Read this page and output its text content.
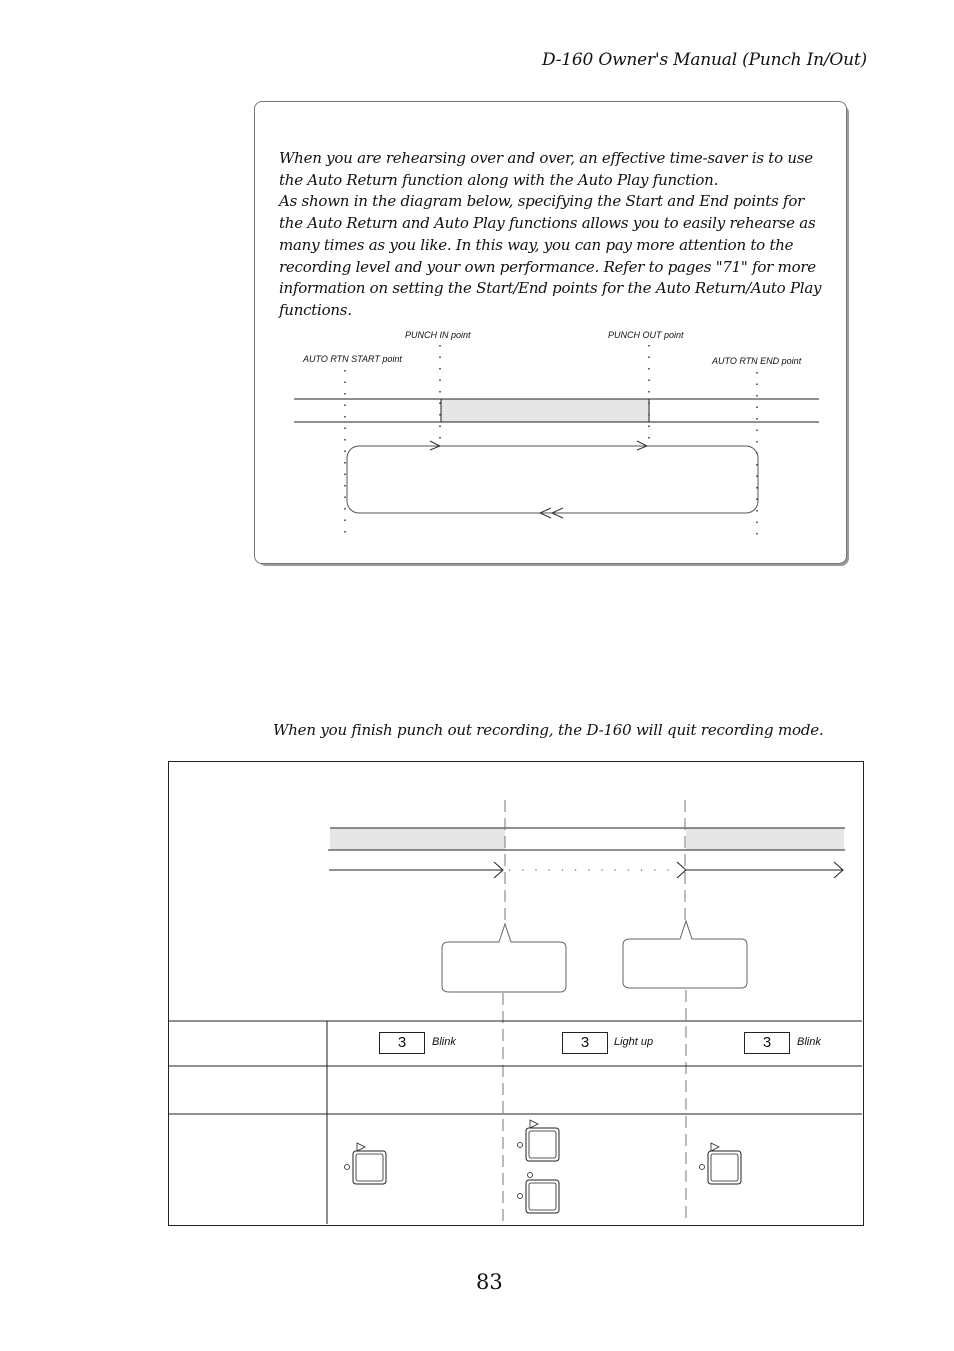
D-160 Owner's Manual (Punch In/Out)

When you are rehearsing over and over, an effective time-saver is to use the Auto Return function along with the Auto Play function.

As shown in the diagram below, specifying the Start and End points for the Auto Return and Auto Play functions allows you to easily rehearse as many times as you like. In this way, you can pay more attention to the recording level and your own performance. Refer to pages "71" for more information on setting the Start/End points for the Auto Return/Auto Play functions.

PUNCH IN point	PUNCH OUT point
AUTO RTN START point	AUTO RTN END point
When you finish punch out recording, the D-160 will quit recording mode.
3	Blink	3	Light up	3	Blink
83
